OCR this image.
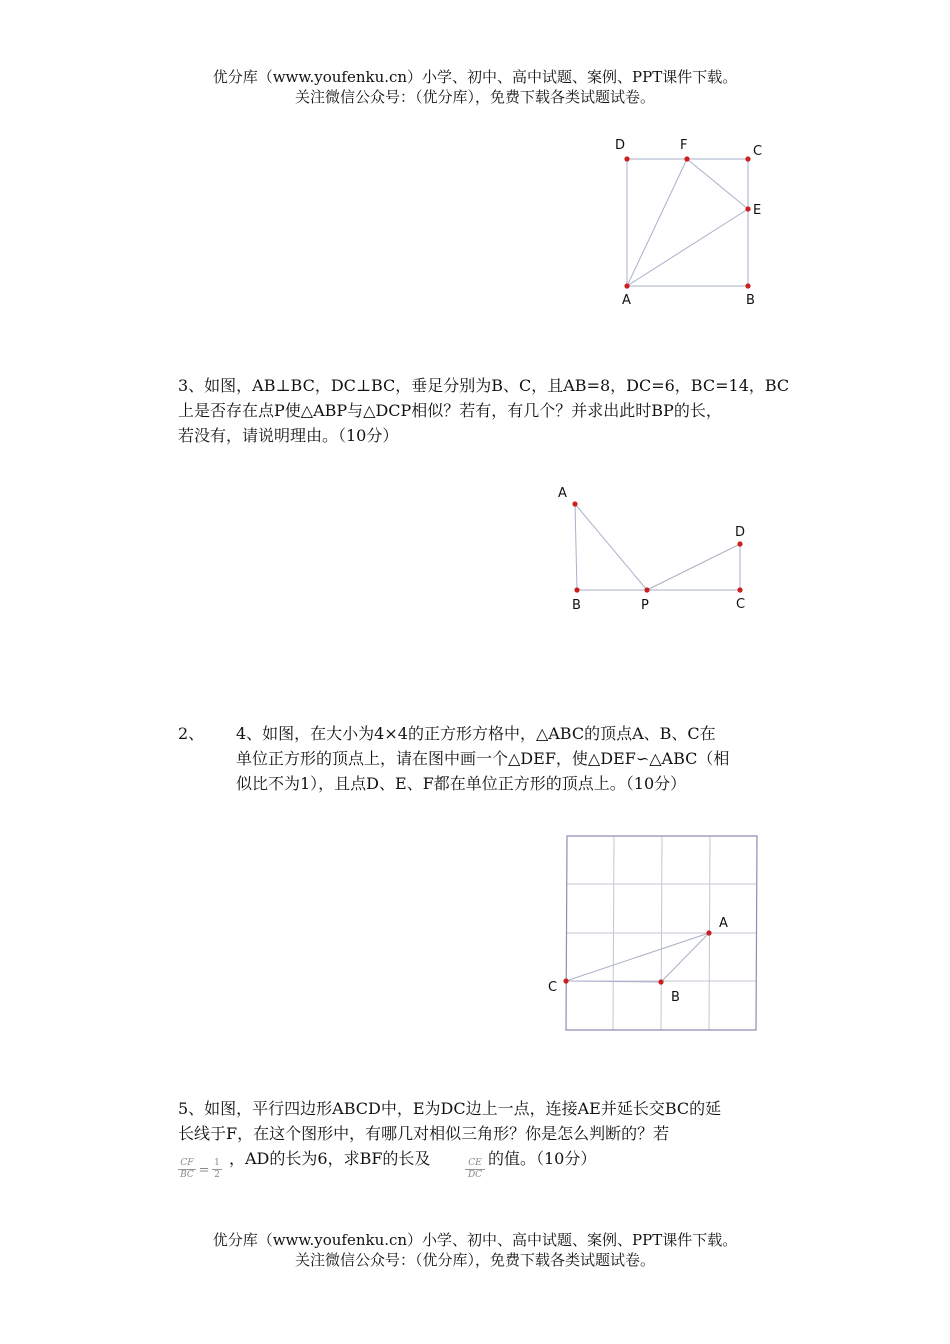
优分库（www.youfenku.cn）小学、初中、高中试题、案例、PPT课件下载。
关注微信公众号：（优分库），免费下载各类试题试卷。
D	F	C
E
A	B
3、如图，AB⊥BC，DC⊥BC，垂足分别为B、C，且AB=8，DC=6，BC=14，BC
上是否存在点P使△ABP与△DCP相似？若有，有几个？并求出此时BP的长，
若没有，请说明理由。（10分）
A
D
B	P	C
2、 4、如图，在大小为4×4的正方形方格中，△ABC的顶点A、B、C在
单位正方形的顶点上，请在图中画一个△DEF，使△DEF∽△ABC（相
似比不为1），且点D、E、F都在单位正方形的顶点上。（10分）
A
B
C
5、如图，平行四边形ABCD中，E为DC边上一点，连接AE并延长交BC的延
长线于F，在这个图形中，有哪几对相似三角形？你是怎么判断的？若
$\frac{CF}{BC} = \frac{1}{2}$ ，AD的长为6，求BF的长及	$\frac{CE}{DC}$ 的值。（10分）
优分库（www.youfenku.cn）小学、初中、高中试题、案例、PPT课件下载。
关注微信公众号：（优分库），免费下载各类试题试卷。
